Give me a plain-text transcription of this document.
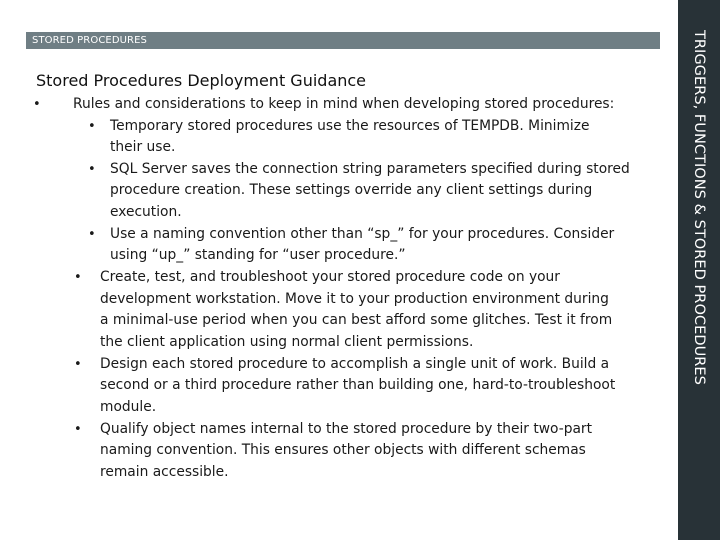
STORED PROCEDURES	TRIGGERS, FUNCTIONS & STORED PROCEDURES
Stored Procedures Deployment Guidance
• Rules and considerations to keep in mind when developing stored procedures:
• Temporary stored procedures use the resources of TEMPDB. Minimize
their use.
• SQL Server saves the connection string parameters specified during stored
procedure creation. These settings override any client settings during
execution.
• Use a naming convention other than “sp_” for your procedures. Consider
using “up_” standing for “user procedure.”
• Create, test, and troubleshoot your stored procedure code on your
development workstation. Move it to your production environment during
a minimal-use period when you can best afford some glitches. Test it from
the client application using normal client permissions.
• Design each stored procedure to accomplish a single unit of work. Build a
second or a third procedure rather than building one, hard-to-troubleshoot
module.
• Qualify object names internal to the stored procedure by their two-part
naming convention. This ensures other objects with different schemas
remain accessible.
